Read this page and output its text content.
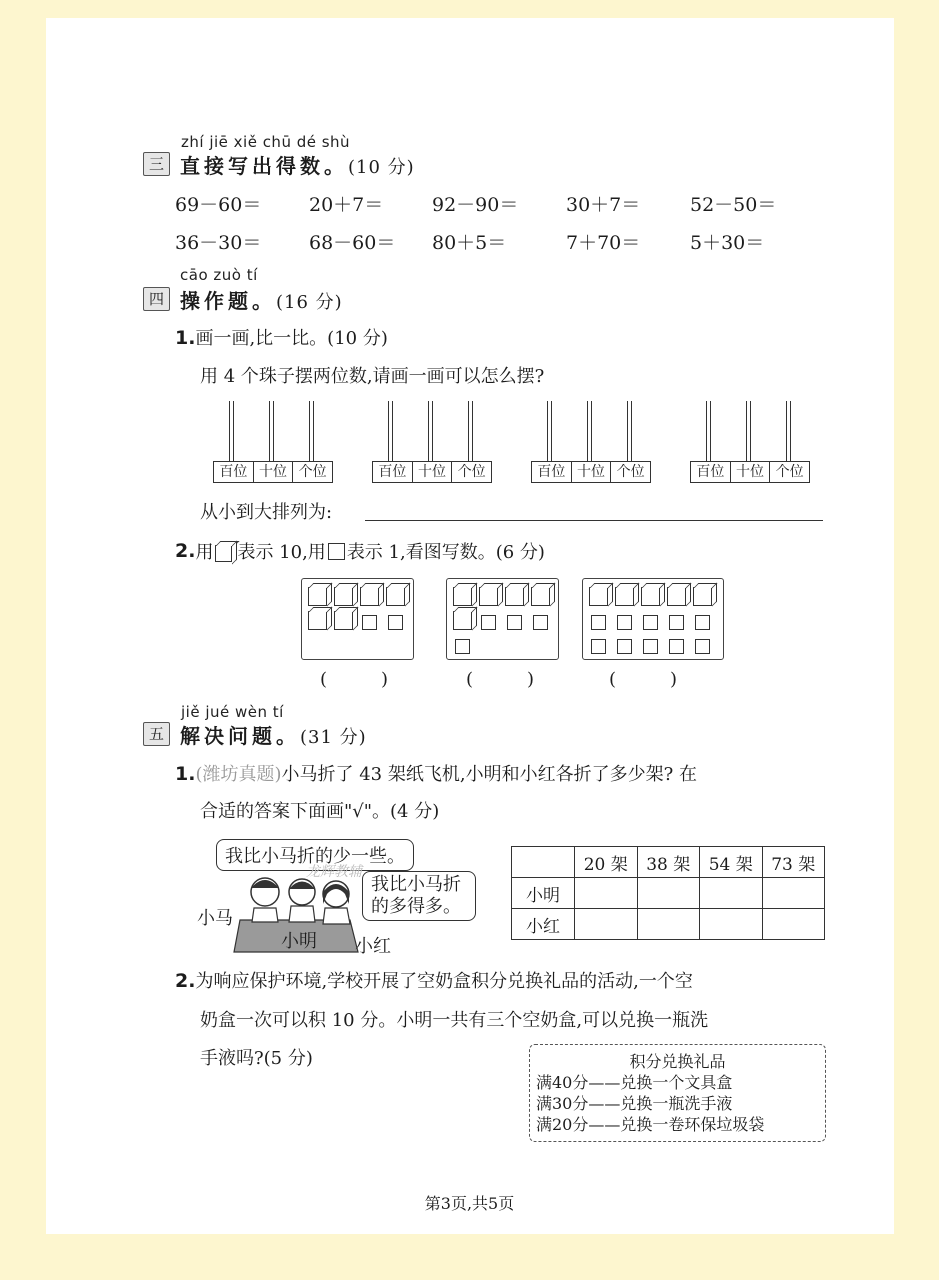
zhí jiē xiě chū dé shù
三 直接写出得数。(10 分)
69－60＝	20＋7＝	92－90＝	30＋7＝	52－50＝
36－30＝	68－60＝ 80＋5＝	7＋70＝	5＋30＝
cāo zuò tí
四 操作题。(16 分)
1.画一画,比一比。(10 分)
用 4 个珠子摆两位数,请画一画可以怎么摆?
百位 十位 个位	百位 十位 个位	百位 十位 个位	百位 十位 个位
从小到大排列为:
2. 用 表示 10,用 表示 1,看图写数。(6 分)
(　　　)	(　　　)	(　　　)
jiě jué wèn tí
五 解决问题。(31 分)
1.(潍坊真题)小马折了 43 架纸飞机,小明和小红各折了多少架? 在
合适的答案下面画"√"。(4 分)
我比小马折的少一些。
龙辉教辅
我比小马折
的多得多。
小马
小明 小红
	20 架	38 架	54 架	73 架
小明				
小红				
2.为响应保护环境,学校开展了空奶盒积分兑换礼品的活动,一个空
奶盒一次可以积 10 分。小明一共有三个空奶盒,可以兑换一瓶洗
手液吗?(5 分)	积分兑换礼品
满40分——兑换一个文具盒
满30分——兑换一瓶洗手液
满20分——兑换一卷环保垃圾袋
第3页,共5页
